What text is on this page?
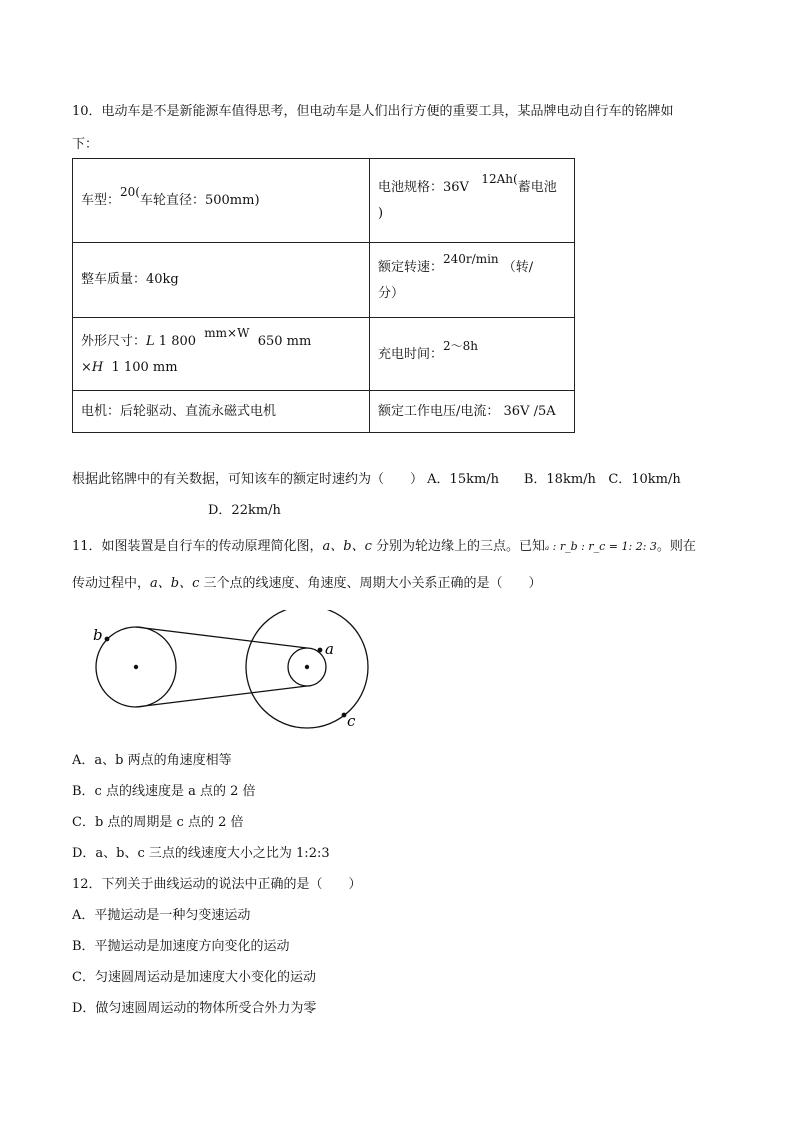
10．电动车是不是新能源车值得思考，但电动车是人们出行方便的重要工具，某品牌电动自行车的铭牌如
下：
车型：20(车轮直径：500mm)	电池规格：36V   12Ah(蓄电池
)
整车质量：40kg	额定转速：240r/min （转/
分）
外形尺寸：L 1 800  mm×W  650 mm
×H 1 100 mm	充电时间：2～8h
电机：后轮驱动、直流永磁式电机	额定工作电压/电流： 36V /5A
根据此铭牌中的有关数据，可知该车的额定时速约为（　　） A．15km/h B．18km/h C．10km/h
D．22km/h
11．如图装置是自行车的传动原理简化图，a、b、c 分别为轮边缘上的三点。已知ₐ : r_b : r_c = 1: 2: 3。则在
传动过程中，a、b、c 三个点的线速度、角速度、周期大小关系正确的是（　　）
b
a
c
A．a、b 两点的角速度相等
B．c 点的线速度是 a 点的 2 倍
C．b 点的周期是 c 点的 2 倍
D．a、b、c 三点的线速度大小之比为 1:2:3
12．下列关于曲线运动的说法中正确的是（　　）
A．平抛运动是一种匀变速运动
B．平抛运动是加速度方向变化的运动
C．匀速圆周运动是加速度大小变化的运动
D．做匀速圆周运动的物体所受合外力为零
